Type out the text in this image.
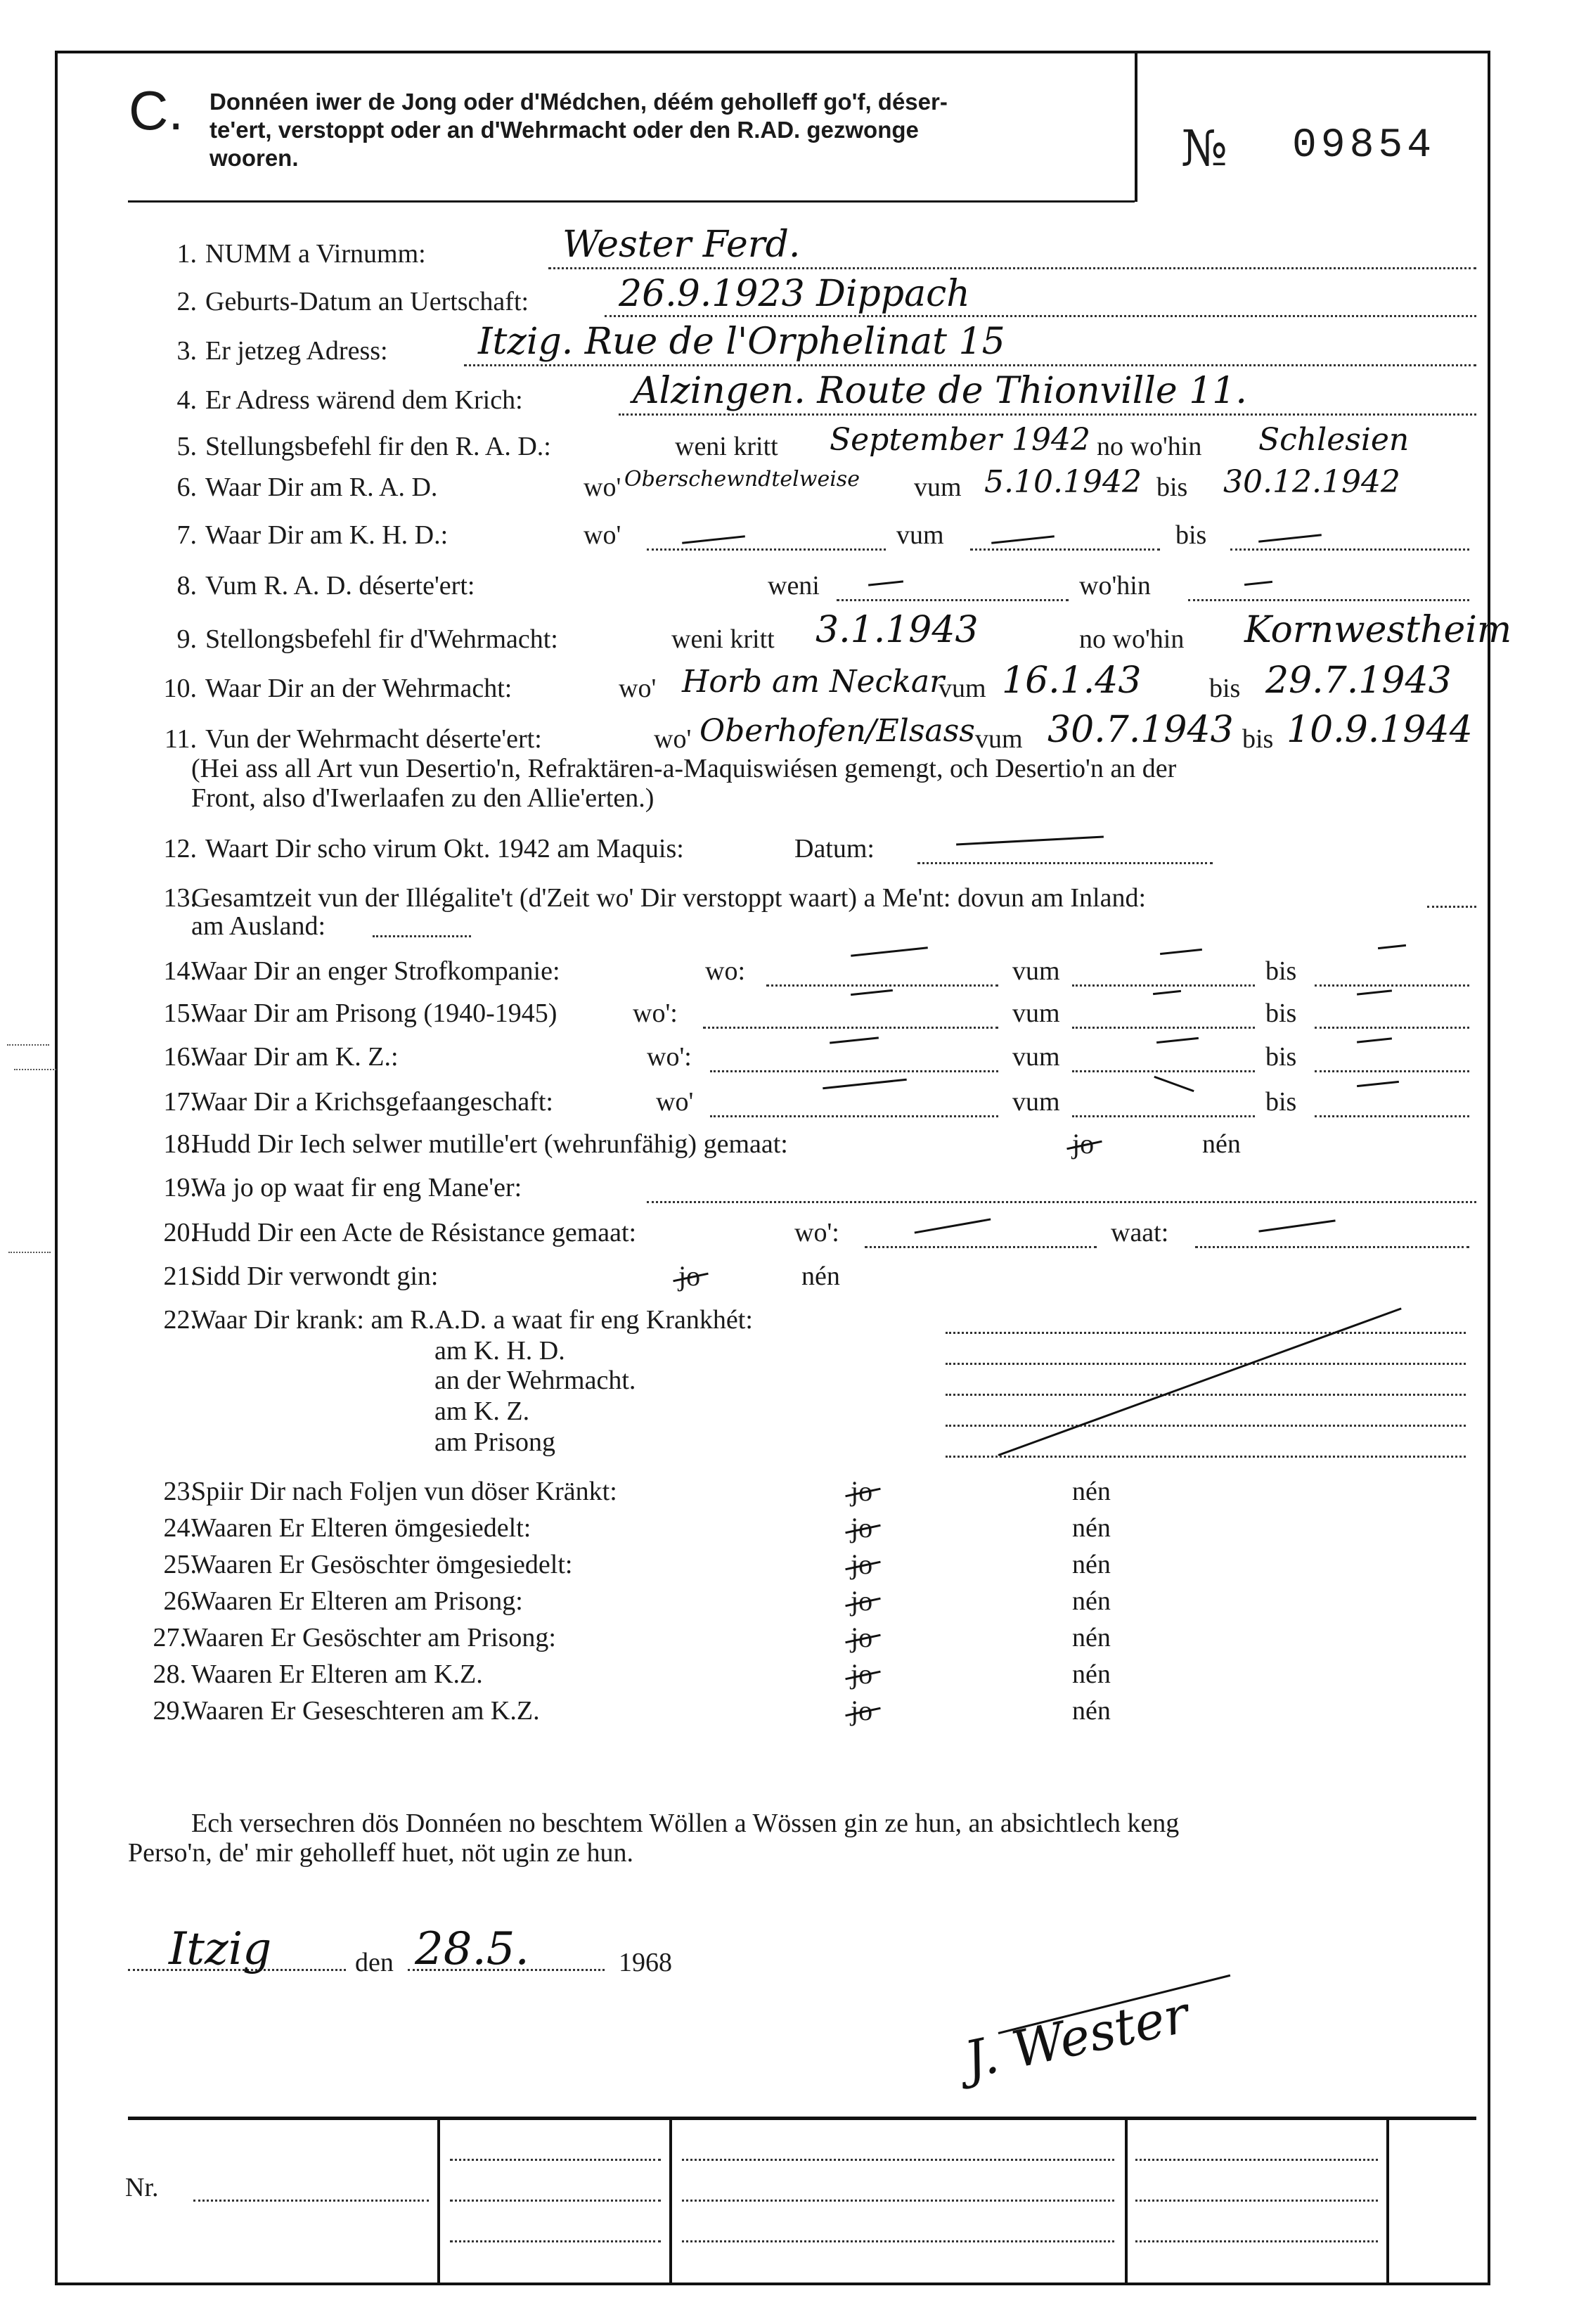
C. Donnéen iwer de Jong oder d'Médchen, déém geholleff go'f, déser-
te'ert, verstoppt oder an d'Wehrmacht oder den R.AD. gezwonge
wooren.	№ 09854
1. NUMM a Virnumm:	Wester Ferd.
2. Geburts-Datum an Uertschaft: 26.9.1923 Dippach
3. Er jetzeg Adress: Itzig. Rue de l'Orphelinat 15
4. Er Adress wärend dem Krich:	Alzingen. Route de Thionville 11.
5. Stellungsbefehl fir den R. A. D.:	weni kritt	no wo'hin
September 1942	Schlesien
6. Waar Dir am R. A. D.	wo'	vum	bis
Oberschewndtelweise	5.10.1942	30.12.1942
7. Waar Dir am K. H. D.:	wo'	vum	bis
8. Vum R. A. D. déserte'ert:	weni	wo'hin
9. Stellongsbefehl fir d'Wehrmacht:	weni kritt	no wo'hin
3.1.1943	Kornwestheim
10. Waar Dir an der Wehrmacht:	wo'	vum	bis
Horb am Neckar 16.1.43	29.7.1943
11. Vun der Wehrmacht déserte'ert:	wo'	vum	bis
Oberhofen/Elsass 30.7.1943 10.9.1944
(Hei ass all Art vun Desertio'n, Refraktären-a-Maquiswiésen gemengt, och Desertio'n an der
Front, also d'Iwerlaafen zu den Allie'erten.)
12. Waart Dir scho virum Okt. 1942 am Maquis:	Datum:
13.
Gesamtzeit vun der Illégalite't (d'Zeit wo' Dir verstoppt waart) a Me'nt: dovun am Inland:
am Ausland:
14.
Waar Dir an enger Strofkompanie:	wo:	vum	bis
15.
Waar Dir am Prisong (1940-1945)	wo':	vum	bis
16.
Waar Dir am K. Z.:	wo':	vum	bis
17.
Waar Dir a Krichsgefaangeschaft:	wo'	vum	bis
18.
Hudd Dir Iech selwer mutille'ert (wehrunfähig) gemaat:	jo	nén
19.
Wa jo op waat fir eng Mane'er:
20.
Hudd Dir een Acte de Résistance gemaat:	wo':	waat:
21.
Sidd Dir verwondt gin:	jo	nén
22.
Waar Dir krank: am R.A.D. a waat fir eng Krankhét:
am K. H. D.
an der Wehrmacht.
am K. Z.
am Prisong
23.
Spiir Dir nach Foljen vun döser Kränkt:	jo	nén
24.
Waaren Er Elteren ömgesiedelt:	jo	nén
25.
Waaren Er Gesöschter ömgesiedelt:	jo	nén
26.
Waaren Er Elteren am Prisong:	jo	nén
27.
Waaren Er Gesöschter am Prisong:	jo	nén
28. Waaren Er Elteren am K.Z.	jo	nén
29.
Waaren Er Geseschteren am K.Z.	jo	nén
Ech versechren dös Donnéen no beschtem Wöllen a Wössen gin ze hun, an absichtlech keng
Perso'n, de' mir geholleff huet, nöt ugin ze hun.
Itzig	den 28.5.	1968
J. Wester
Nr.
